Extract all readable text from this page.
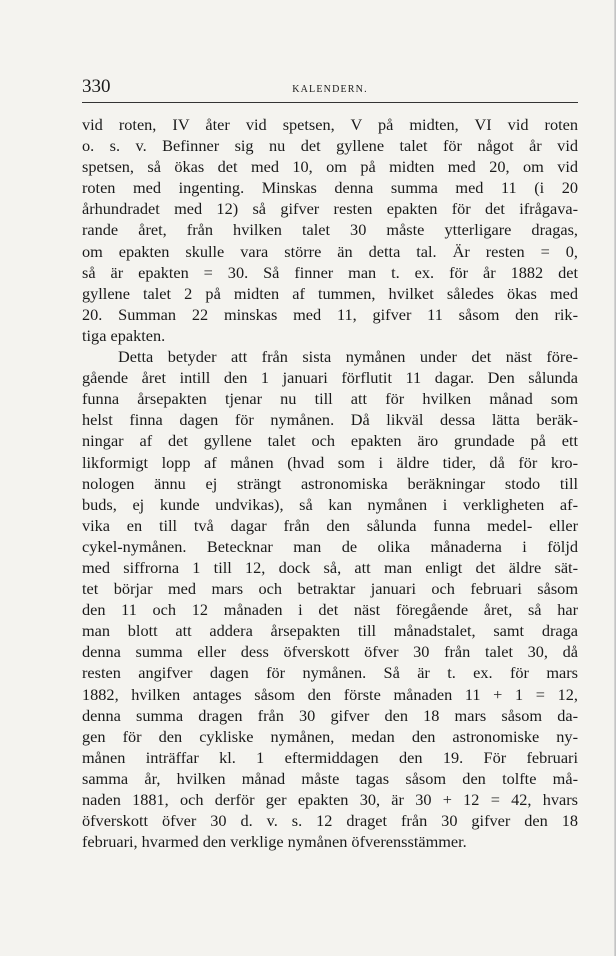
330	KALENDERN.
vid roten, IV åter vid spetsen, V på midten, VI vid roten
o. s. v. Befinner sig nu det gyllene talet för något år vid
spetsen, så ökas det med 10, om på midten med 20, om vid
roten med ingenting. Minskas denna summa med 11 (i 20
århundradet med 12) så gifver resten epakten för det ifrågava-
rande året, från hvilken talet 30 måste ytterligare dragas,
om epakten skulle vara större än detta tal. Är resten = 0,
så är epakten = 30. Så finner man t. ex. för år 1882 det
gyllene talet 2 på midten af tummen, hvilket således ökas med
20. Summan 22 minskas med 11, gifver 11 såsom den rik-
tiga epakten.
Detta betyder att från sista nymånen under det näst före-
gående året intill den 1 januari förflutit 11 dagar. Den sålunda
funna årsepakten tjenar nu till att för hvilken månad som
helst finna dagen för nymånen. Då likväl dessa lätta beräk-
ningar af det gyllene talet och epakten äro grundade på ett
likformigt lopp af månen (hvad som i äldre tider, då för kro-
nologen ännu ej strängt astronomiska beräkningar stodo till
buds, ej kunde undvikas), så kan nymånen i verkligheten af-
vika en till två dagar från den sålunda funna medel- eller
cykel-nymånen. Betecknar man de olika månaderna i följd
med siffrorna 1 till 12, dock så, att man enligt det äldre sät-
tet börjar med mars och betraktar januari och februari såsom
den 11 och 12 månaden i det näst föregående året, så har
man blott att addera årsepakten till månadstalet, samt draga
denna summa eller dess öfverskott öfver 30 från talet 30, då
resten angifver dagen för nymånen. Så är t. ex. för mars
1882, hvilken antages såsom den förste månaden 11 + 1 = 12,
denna summa dragen från 30 gifver den 18 mars såsom da-
gen för den cykliske nymånen, medan den astronomiske ny-
månen inträffar kl. 1 eftermiddagen den 19. För februari
samma år, hvilken månad måste tagas såsom den tolfte må-
naden 1881, och derför ger epakten 30, är 30 + 12 = 42, hvars
öfverskott öfver 30 d. v. s. 12 draget från 30 gifver den 18
februari, hvarmed den verklige nymånen öfverensstämmer.
